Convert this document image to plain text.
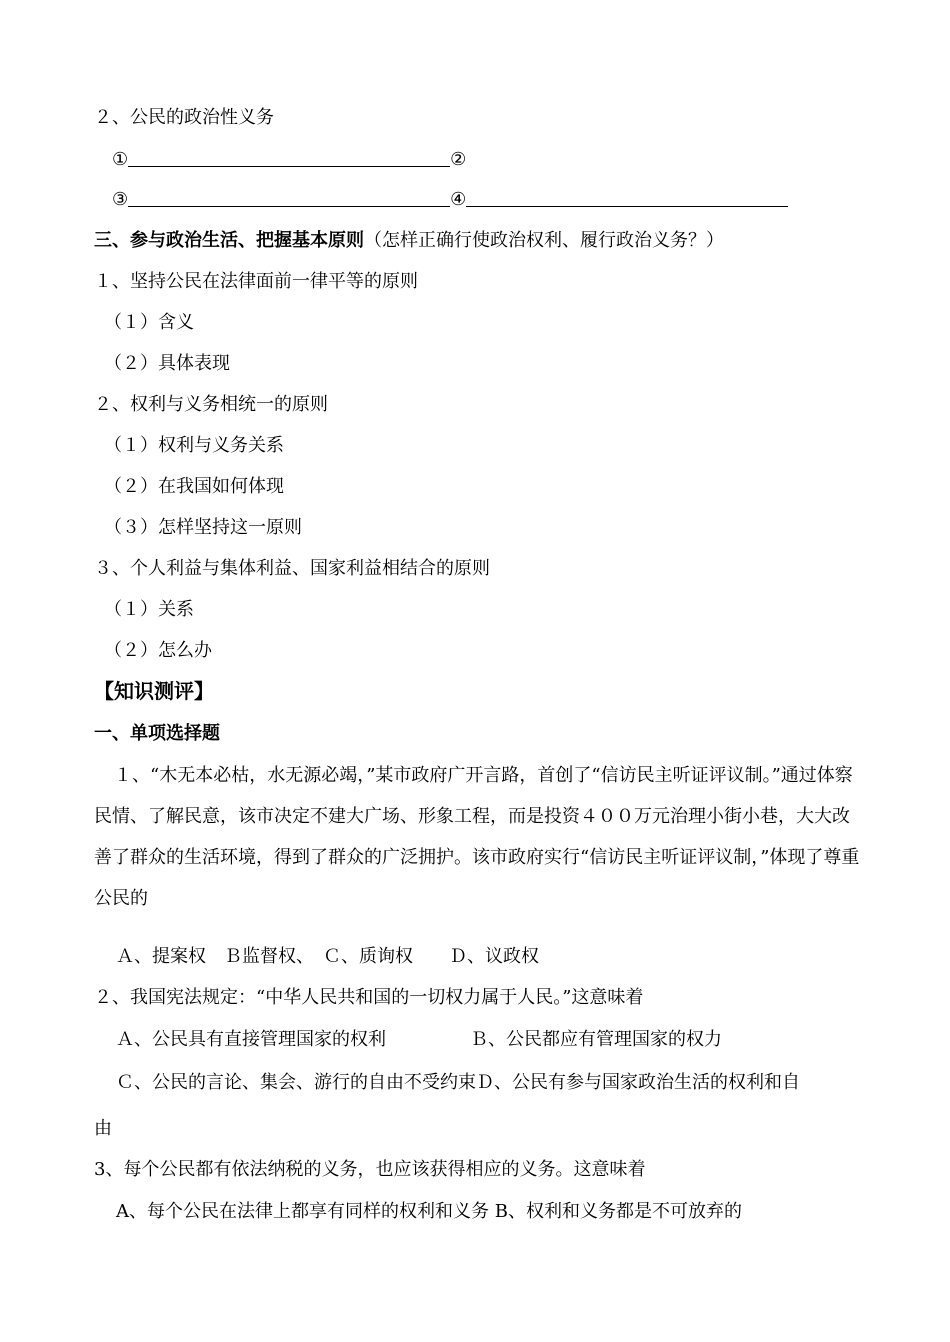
２、公民的政治性义务
①	②
③	④
三、参与政治生活、把握基本原则（怎样正确行使政治权利、履行政治义务？）
１、坚持公民在法律面前一律平等的原则
（１）含义
（２）具体表现
２、权利与义务相统一的原则
（１）权利与义务关系
（２）在我国如何体现
（３）怎样坚持这一原则
３、个人利益与集体利益、国家利益相结合的原则
（１）关系
（２）怎么办
【知识测评】
一、单项选择题
１、“木无本必枯，水无源必竭，”某市政府广开言路，首创了“信访民主听证评议制。”通过体察民情、了解民意，该市决定不建大广场、形象工程，而是投资４００万元治理小街小巷，大大改善了群众的生活环境，得到了群众的广泛拥护。该市政府实行“信访民主听证评议制，”体现了尊重公民的
Ａ、提案权　Ｂ监督权、　Ｃ、质询权　　Ｄ、议政权
２、我国宪法规定：“中华人民共和国的一切权力属于人民。”这意味着
Ａ、公民具有直接管理国家的权利	Ｂ、公民都应有管理国家的权力
Ｃ、公民的言论、集会、游行的自由不受约束Ｄ、公民有参与国家政治生活的权利和自
由
3、每个公民都有依法纳税的义务，也应该获得相应的义务。这意味着
A、每个公民在法律上都享有同样的权利和义务 B、权利和义务都是不可放弃的
